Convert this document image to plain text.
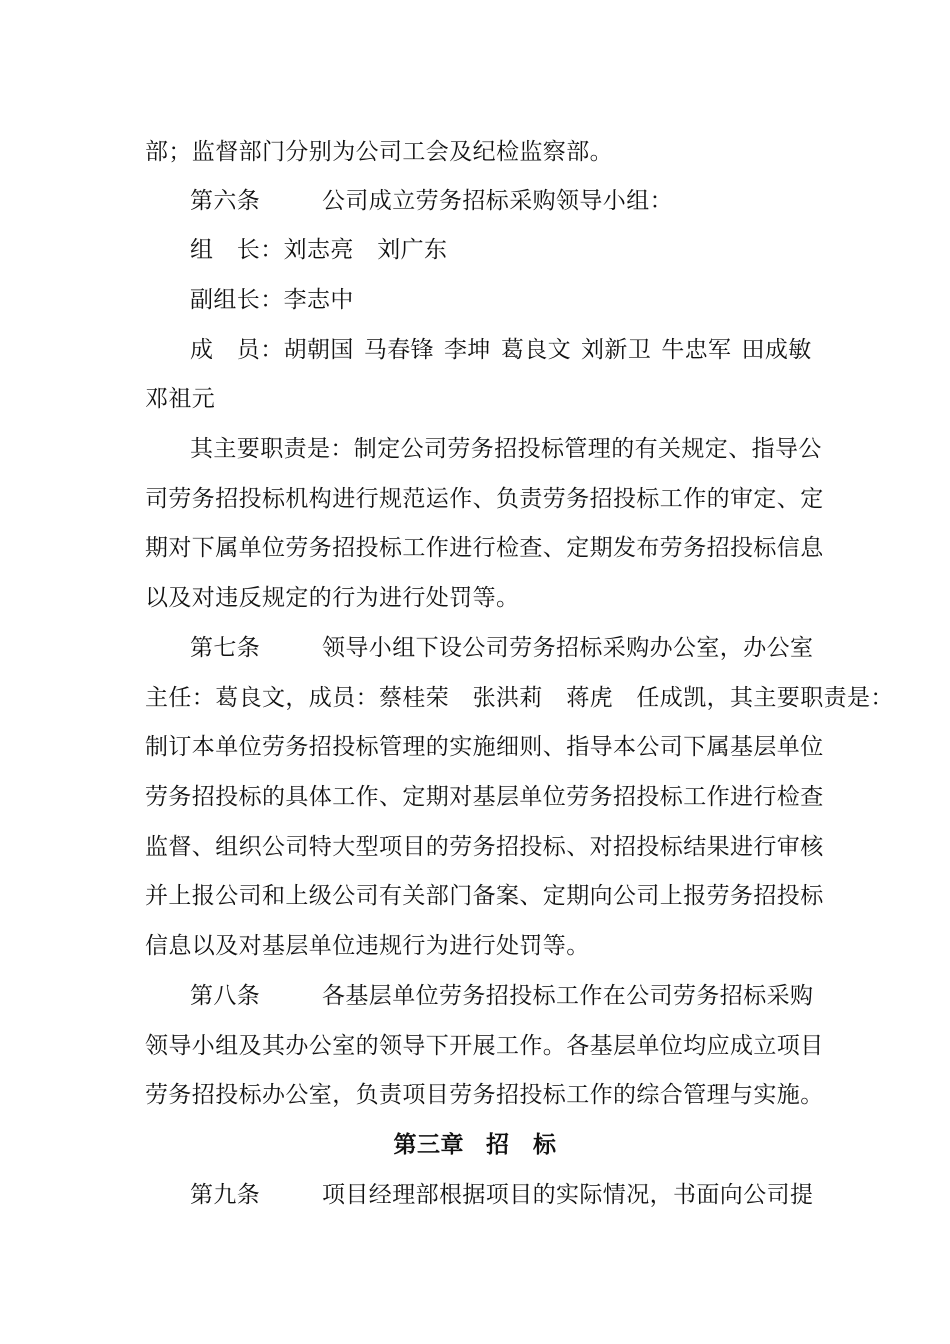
部；监督部门分别为公司工会及纪检监察部。
第六条	公司成立劳务招标采购领导小组：
组　长：刘志亮　刘广东
副组长：李志中
成　员：胡朝国 马春锋 李坤 葛良文 刘新卫 牛忠军 田成敏
邓祖元
其主要职责是：制定公司劳务招投标管理的有关规定、指导公
司劳务招投标机构进行规范运作、负责劳务招投标工作的审定、定
期对下属单位劳务招投标工作进行检查、定期发布劳务招投标信息
以及对违反规定的行为进行处罚等。
第七条	领导小组下设公司劳务招标采购办公室，办公室
主任：葛良文，成员：蔡桂荣　张洪莉　蒋虎　任成凯，其主要职责是：
制订本单位劳务招投标管理的实施细则、指导本公司下属基层单位
劳务招投标的具体工作、定期对基层单位劳务招投标工作进行检查
监督、组织公司特大型项目的劳务招投标、对招投标结果进行审核
并上报公司和上级公司有关部门备案、定期向公司上报劳务招投标
信息以及对基层单位违规行为进行处罚等。
第八条	各基层单位劳务招投标工作在公司劳务招标采购
领导小组及其办公室的领导下开展工作。各基层单位均应成立项目
劳务招投标办公室，负责项目劳务招投标工作的综合管理与实施。
第三章 招　标
第九条	项目经理部根据项目的实际情况，书面向公司提
